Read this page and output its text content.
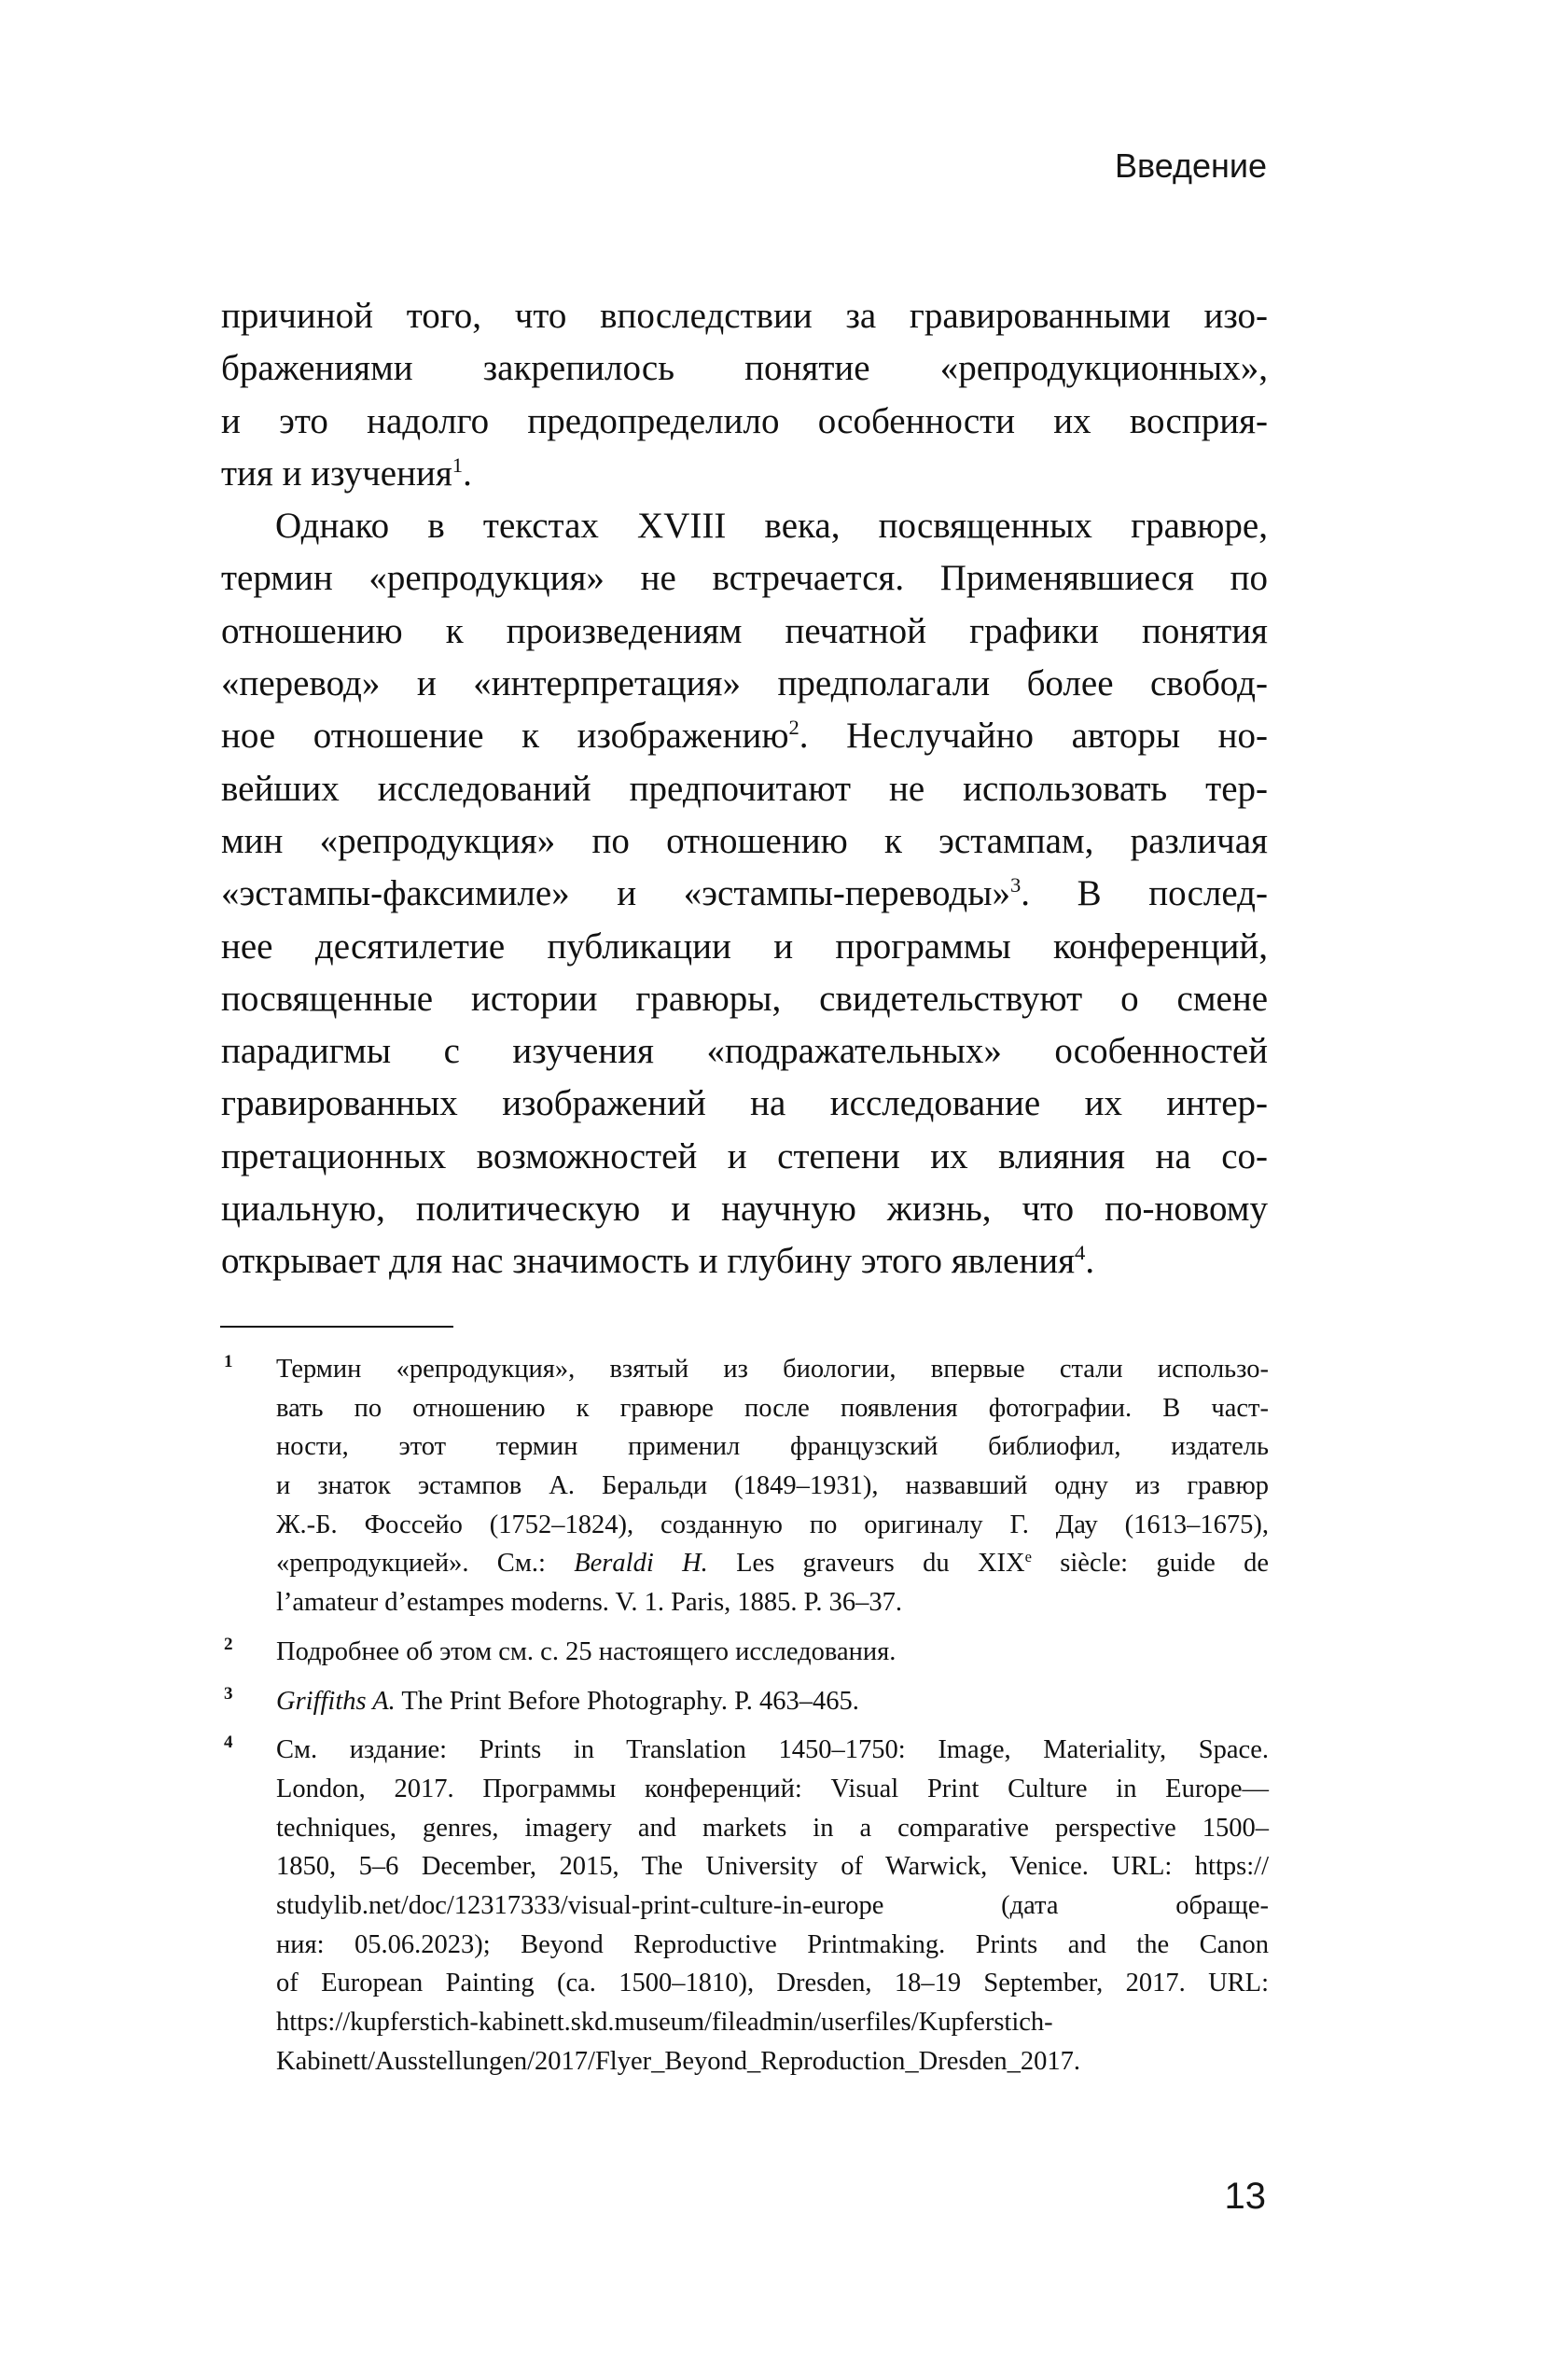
Введение
причиной того, что впоследствии за гравированными изо-
бражениями закрепилось понятие «репродукционных»,
и это надолго предопределило особенности их восприя-
тия и изучения$^1$.
Однако в текстах XVIII века, посвященных гравюре,
термин «репродукция» не встречается. Применявшиеся по
отношению к произведениям печатной графики понятия
«перевод» и «интерпретация» предполагали более свобод-
ное отношение к изображению$^2$. Неслучайно авторы но-
вейших исследований предпочитают не использовать тер-
мин «репродукция» по отношению к эстампам, различая
«эстампы-факсимиле» и «эстампы-переводы»$^3$. В послед-
нее десятилетие публикации и программы конференций,
посвященные истории гравюры, свидетельствуют о смене
парадигмы с изучения «подражательных» особенностей
гравированных изображений на исследование их интер-
претационных возможностей и степени их влияния на со-
циальную, политическую и научную жизнь, что по-новому
открывает для нас значимость и глубину этого явления$^4$.
1 Термин «репродукция», взятый из биологии, впервые стали использо-
вать по отношению к гравюре после появления фотографии. В част-
ности, этот термин применил французский библиофил, издатель
и знаток эстампов А. Беральди (1849–1931), назвавший одну из гравюр
Ж.-Б. Фоссейо (1752–1824), созданную по оригиналу Г. Дау (1613–1675),
«репродукцией». См.: Beraldi H. Les graveurs du XIXe siècle: guide de
l’amateur d’estampes moderns. V. 1. Paris, 1885. P. 36–37.
2 Подробнее об этом см. с. 25 настоящего исследования.
3 Griffiths A. The Print Before Photography. P. 463–465.
4 См. издание: Prints in Translation 1450–1750: Image, Materiality, Space.
London, 2017. Программы конференций: Visual Print Culture in Europe—
techniques, genres, imagery and markets in a comparative perspective 1500–
1850, 5–6 December, 2015, The University of Warwick, Venice. URL: https://
studylib.net/doc/12317333/visual-print-culture-in-europe (дата обраще-
ния: 05.06.2023); Beyond Reproductive Printmaking. Prints and the Canon
of European Painting (ca. 1500–1810), Dresden, 18–19 September, 2017. URL:
https://kupferstich-kabinett.skd.museum/fileadmin/userfiles/Kupferstich-
Kabinett/Ausstellungen/2017/Flyer_Beyond_Reproduction_Dresden_2017.
13
